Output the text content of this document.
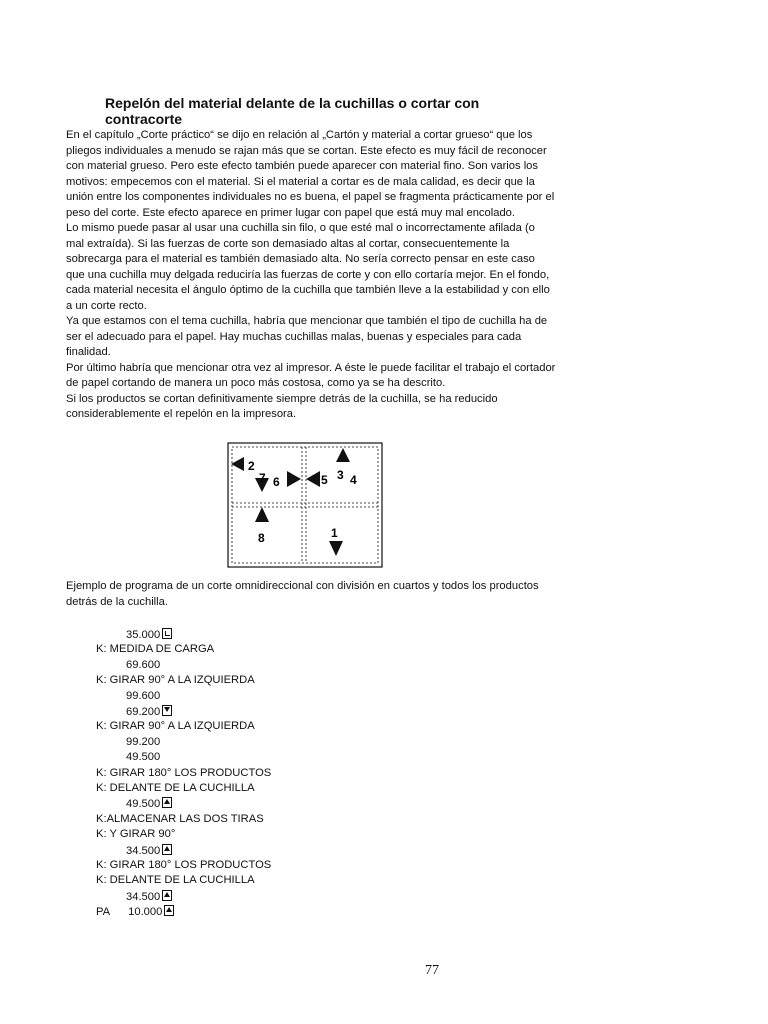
Repelón del material delante de la cuchillas o cortar con contracorte

En el capítulo „Corte práctico“ se dijo en relación al „Cartón y material a cortar grueso“ que los pliegos individuales a menudo se rajan más que se cortan. Este efecto es muy fácil de reconocer con material grueso. Pero este efecto también puede aparecer con material fino. Son varios los motivos: empecemos con el material. Si el material a cortar es de mala calidad, es decir que la unión entre los componentes individuales no es buena, el papel se fragmenta prácticamente por el peso del corte. Este efecto aparece en primer lugar con papel que está muy mal encolado.

Lo mismo puede pasar al usar una cuchilla sin filo, o que esté mal o incorrectamente afilada (o mal extraída). Si las fuerzas de corte son demasiado altas al cortar, consecuentemente la sobrecarga para el material es también demasiado alta. No sería correcto pensar en este caso que una cuchilla muy delgada reduciría las fuerzas de corte y con ello cortaría mejor. En el fondo, cada material necesita el ángulo óptimo de la cuchilla que también lleve a la estabilidad y con ello a un corte recto.

Ya que estamos con el tema cuchilla, habría que mencionar que también el tipo de cuchilla ha de ser el adecuado para el papel. Hay muchas cuchillas malas, buenas y especiales para cada finalidad.

Por último habría que mencionar otra vez al impresor. A éste le puede facilitar el trabajo el cortador de papel cortando de manera un poco más costosa, como ya se ha descrito.

Si los productos se cortan definitivamente siempre detrás de la cuchilla, se ha reducido considerablemente el repelón en la impresora.

2
7 6	5 3 4
8	1

Ejemplo de programa de un corte omnidireccional con división en cuartos y todos los productos detrás de la cuchilla.

35.000
K: MEDIDA DE CARGA
69.600
K: GIRAR 90° A LA IZQUIERDA
99.600
69.200
K: GIRAR 90° A LA IZQUIERDA
99.200
49.500
K: GIRAR 180° LOS PRODUCTOS
K: DELANTE DE LA CUCHILLA
49.500
K:ALMACENAR LAS DOS TIRAS
K: Y GIRAR 90°
34.500
K: GIRAR 180° LOS PRODUCTOS
K: DELANTE DE LA CUCHILLA
34.500
PA      10.000
77
